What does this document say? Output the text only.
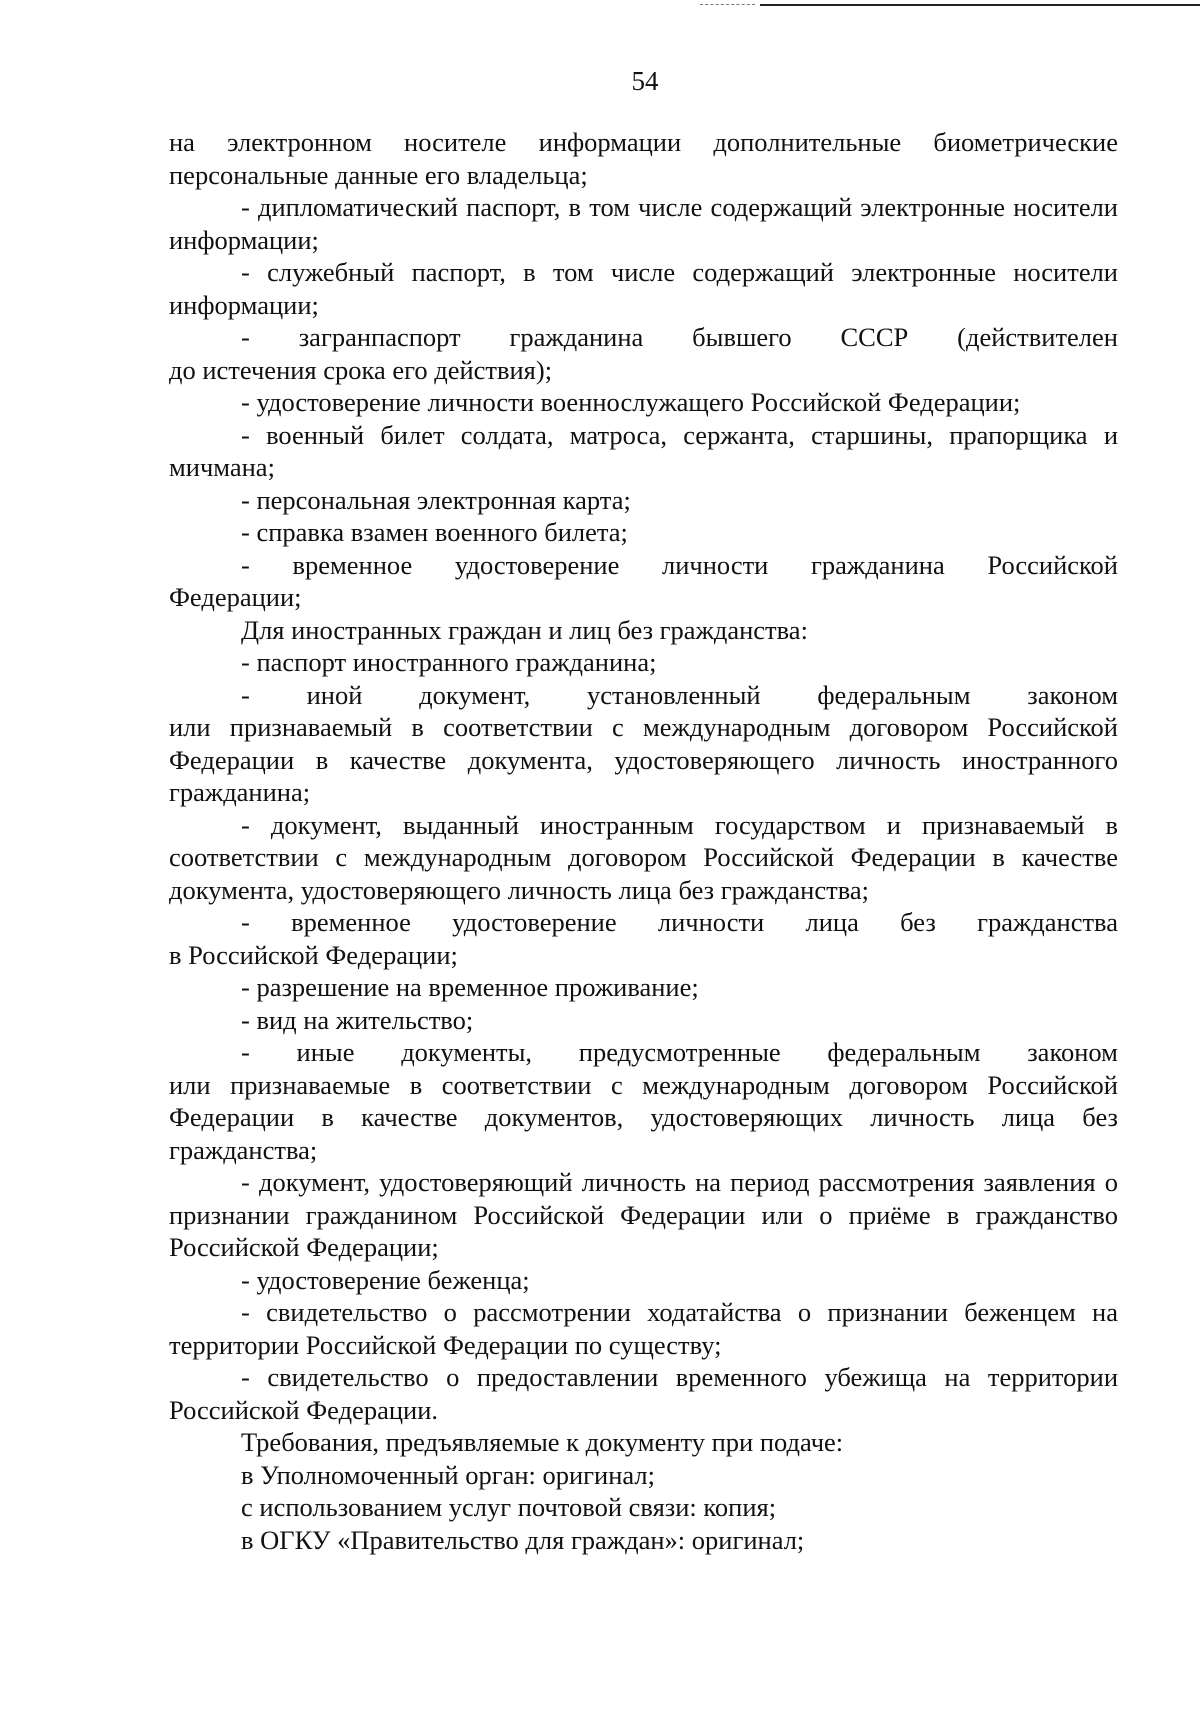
54

на электронном носителе информации дополнительные биометрические персональные данные его владельца;

- дипломатический паспорт, в том числе содержащий электронные носители информации;

- служебный паспорт, в том числе содержащий электронные носители информации;

- загранпаспорт гражданина бывшего СССР (действителен

до истечения срока его действия);

- удостоверение личности военнослужащего Российской Федерации;

- военный билет солдата, матроса, сержанта, старшины, прапорщика и мичмана;

- персональная электронная карта;

- справка взамен военного билета;

- временное удостоверение личности гражданина Российской

Федерации;

Для иностранных граждан и лиц без гражданства:

- паспорт иностранного гражданина;

- иной документ, установленный федеральным законом

или признаваемый в соответствии с международным договором Российской Федерации в качестве документа, удостоверяющего личность иностранного гражданина;

- документ, выданный иностранным государством и признаваемый в соответствии с международным договором Российской Федерации в качестве документа, удостоверяющего личность лица без гражданства;

- временное удостоверение личности лица без гражданства

в Российской Федерации;

- разрешение на временное проживание;

- вид на жительство;

- иные документы, предусмотренные федеральным законом

или признаваемые в соответствии с международным договором Российской Федерации в качестве документов, удостоверяющих личность лица без гражданства;

- документ, удостоверяющий личность на период рассмотрения заявления о признании гражданином Российской Федерации или о приёме в гражданство Российской Федерации;

- удостоверение беженца;

- свидетельство о рассмотрении ходатайства о признании беженцем на территории Российской Федерации по существу;

- свидетельство о предоставлении временного убежища на территории Российской Федерации.

Требования, предъявляемые к документу при подаче:

в Уполномоченный орган: оригинал;

с использованием услуг почтовой связи: копия;

в ОГКУ «Правительство для граждан»: оригинал;
